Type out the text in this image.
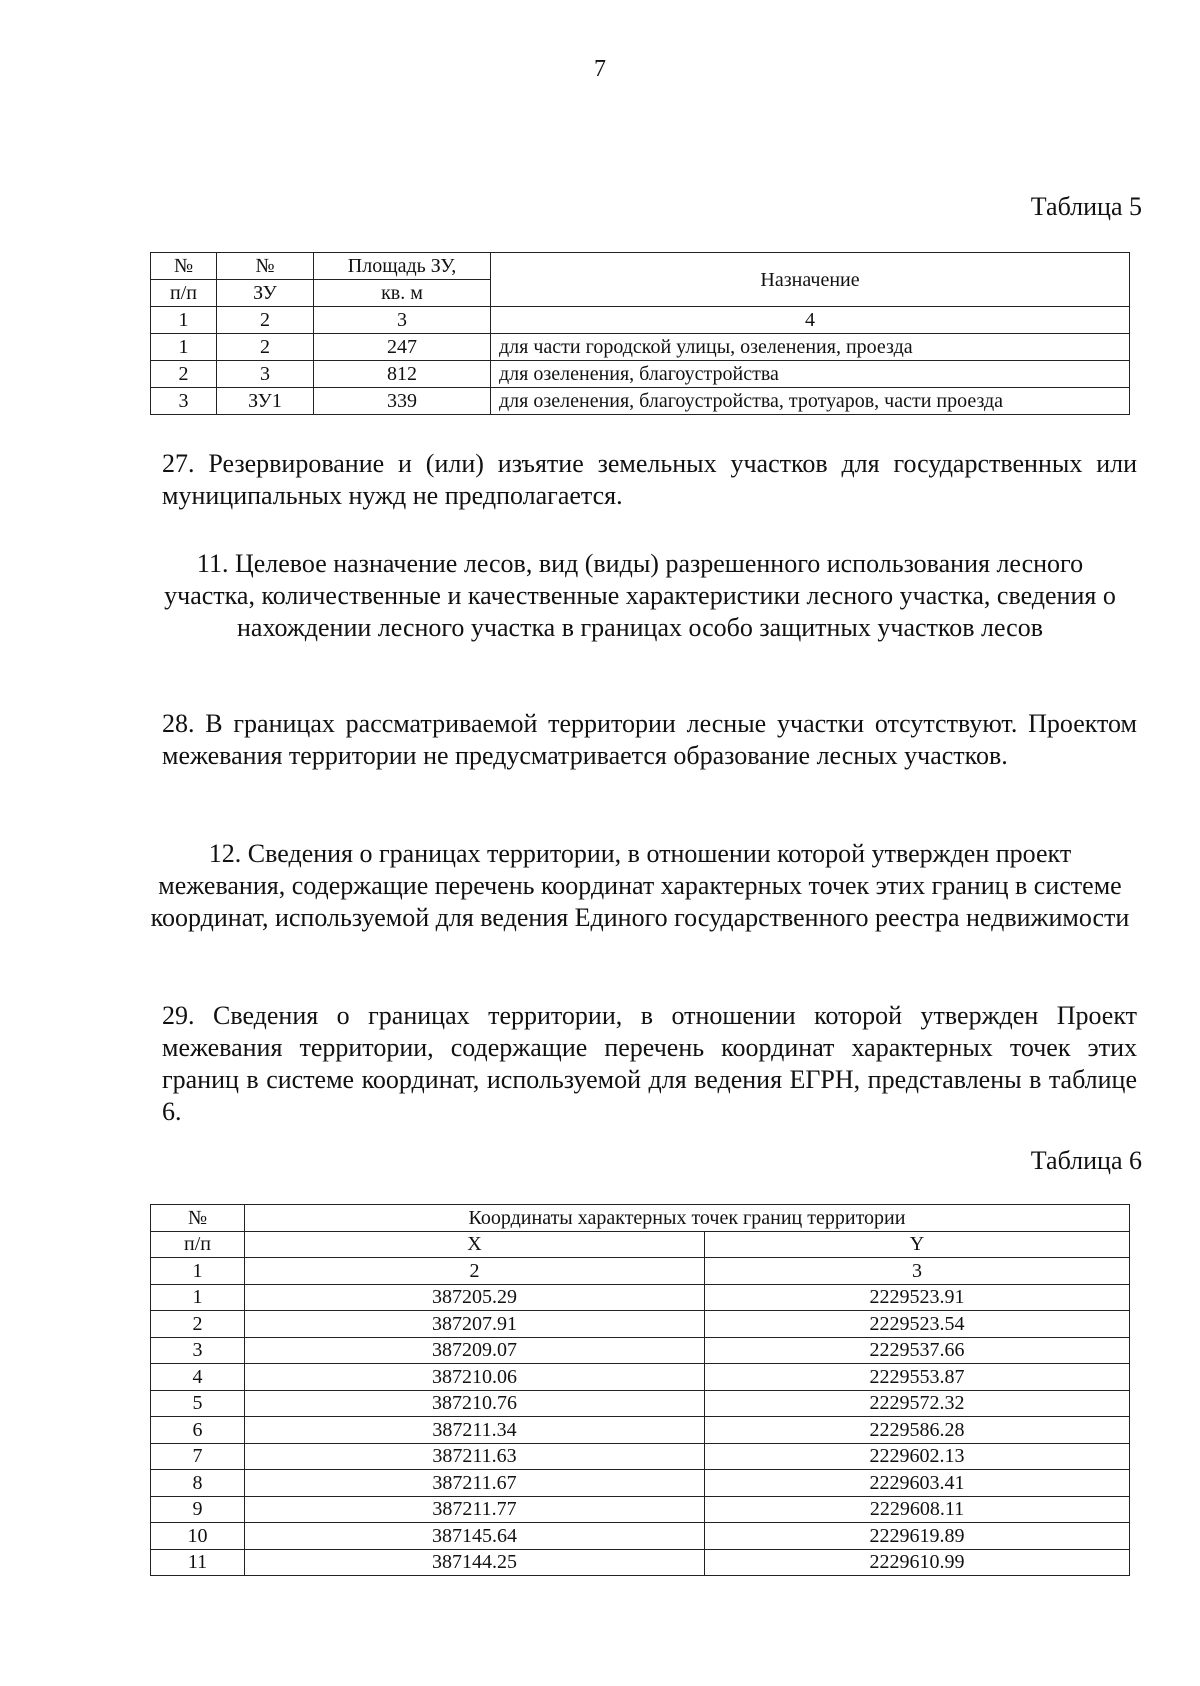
7
Таблица 5
№	№	Площадь ЗУ,	Назначение
п/п	ЗУ	кв. м	
1	2	3	4
1	2	247	для части городской улицы, озеленения, проезда
2	3	812	для озеленения, благоустройства
3	ЗУ1	339	для озеленения, благоустройства, тротуаров, части проезда
27. Резервирование и (или) изъятие земельных участков для государственных или муниципальных нужд не предполагается.
11. Целевое назначение лесов, вид (виды) разрешенного использования лесного участка, количественные и качественные характеристики лесного участка, сведения о нахождении лесного участка в границах особо защитных участков лесов
28. В границах рассматриваемой территории лесные участки отсутствуют. Проектом межевания территории не предусматривается образование лесных участков.
12. Сведения о границах территории, в отношении которой утвержден проект межевания, содержащие перечень координат характерных точек этих границ в системе координат, используемой для ведения Единого государственного реестра недвижимости
29. Сведения о границах территории, в отношении которой утвержден Проект межевания территории, содержащие перечень координат характерных точек этих границ в системе координат, используемой для ведения ЕГРН, представлены в таблице 6.
Таблица 6
№	Координаты характерных точек границ территории	
п/п	X	Y
1	2	3
1	387205.29	2229523.91
2	387207.91	2229523.54
3	387209.07	2229537.66
4	387210.06	2229553.87
5	387210.76	2229572.32
6	387211.34	2229586.28
7	387211.63	2229602.13
8	387211.67	2229603.41
9	387211.77	2229608.11
10	387145.64	2229619.89
11	387144.25	2229610.99
